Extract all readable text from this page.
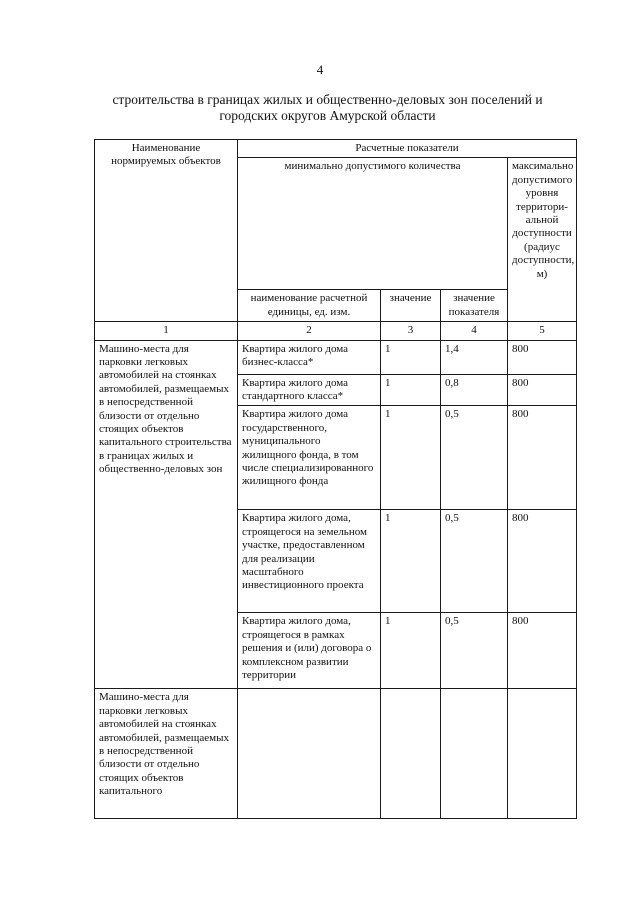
4
строительства в границах жилых и общественно-деловых зон поселений и
городских округов Амурской области
Наименование нормируемых объектов	Расчетные показатели			
	минимально допустимого количества			максимально допустимого уровня территори-альной доступности (радиус доступности, м)
	наименование расчетной единицы, ед. изм.	значение	значение показателя	
1	2	3	4	5
Машино-места для парковки легковых автомобилей на стоянках автомобилей, размещаемых в непосредственной близости от отдельно стоящих объектов капитального строительства в границах жилых и общественно-деловых зон	Квартира жилого дома бизнес-класса*	1	1,4	800
	Квартира жилого дома стандартного класса*	1	0,8	800
	Квартира жилого дома государственного, муниципального жилищного фонда, в том числе специализированного жилищного фонда	1	0,5	800
	Квартира жилого дома, строящегося на земельном участке, предоставленном для реализации масштабного инвестиционного проекта	1	0,5	800
	Квартира жилого дома, строящегося в рамках решения и (или) договора о комплексном развитии территории	1	0,5	800
Машино-места для парковки легковых автомобилей на стоянках автомобилей, размещаемых в непосредственной близости от отдельно стоящих объектов капитального				
